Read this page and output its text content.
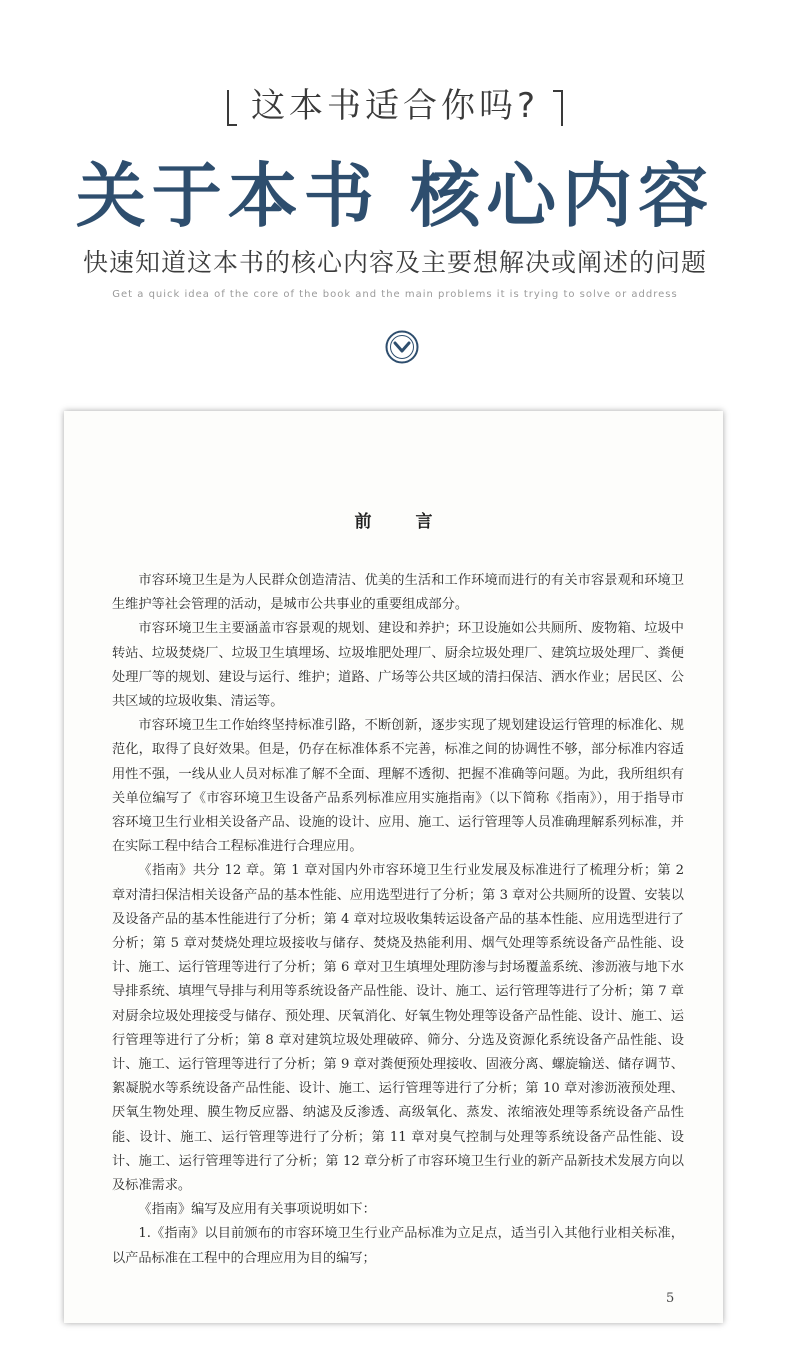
这本书适合你吗?
关于本书 核心内容
快速知道这本书的核心内容及主要想解决或阐述的问题
Get a quick idea of the core of the book and the main problems it is trying to solve or address
前言

市容环境卫生是为人民群众创造清洁、优美的生活和工作环境而进行的有关市容景观和环境卫生维护等社会管理的活动，是城市公共事业的重要组成部分。

市容环境卫生主要涵盖市容景观的规划、建设和养护；环卫设施如公共厕所、废物箱、垃圾中转站、垃圾焚烧厂、垃圾卫生填埋场、垃圾堆肥处理厂、厨余垃圾处理厂、建筑垃圾处理厂、粪便处理厂等的规划、建设与运行、维护；道路、广场等公共区域的清扫保洁、洒水作业；居民区、公共区域的垃圾收集、清运等。

市容环境卫生工作始终坚持标准引路，不断创新，逐步实现了规划建设运行管理的标准化、规范化，取得了良好效果。但是，仍存在标准体系不完善，标准之间的协调性不够，部分标准内容适用性不强，一线从业人员对标准了解不全面、理解不透彻、把握不准确等问题。为此，我所组织有关单位编写了《市容环境卫生设备产品系列标准应用实施指南》（以下简称《指南》），用于指导市容环境卫生行业相关设备产品、设施的设计、应用、施工、运行管理等人员准确理解系列标准，并在实际工程中结合工程标准进行合理应用。

《指南》共分 12 章。第 1 章对国内外市容环境卫生行业发展及标准进行了梳理分析；第 2 章对清扫保洁相关设备产品的基本性能、应用选型进行了分析；第 3 章对公共厕所的设置、安装以及设备产品的基本性能进行了分析；第 4 章对垃圾收集转运设备产品的基本性能、应用选型进行了分析；第 5 章对焚烧处理垃圾接收与储存、焚烧及热能利用、烟气处理等系统设备产品性能、设计、施工、运行管理等进行了分析；第 6 章对卫生填埋处理防渗与封场覆盖系统、渗沥液与地下水导排系统、填埋气导排与利用等系统设备产品性能、设计、施工、运行管理等进行了分析；第 7 章对厨余垃圾处理接受与储存、预处理、厌氧消化、好氧生物处理等设备产品性能、设计、施工、运行管理等进行了分析；第 8 章对建筑垃圾处理破碎、筛分、分选及资源化系统设备产品性能、设计、施工、运行管理等进行了分析；第 9 章对粪便预处理接收、固液分离、螺旋输送、储存调节、絮凝脱水等系统设备产品性能、设计、施工、运行管理等进行了分析；第 10 章对渗沥液预处理、厌氧生物处理、膜生物反应器、纳滤及反渗透、高级氧化、蒸发、浓缩液处理等系统设备产品性能、设计、施工、运行管理等进行了分析；第 11 章对臭气控制与处理等系统设备产品性能、设计、施工、运行管理等进行了分析；第 12 章分析了市容环境卫生行业的新产品新技术发展方向以及标准需求。

《指南》编写及应用有关事项说明如下：

1.《指南》以目前颁布的市容环境卫生行业产品标准为立足点，适当引入其他行业相关标准，以产品标准在工程中的合理应用为目的编写；

5
